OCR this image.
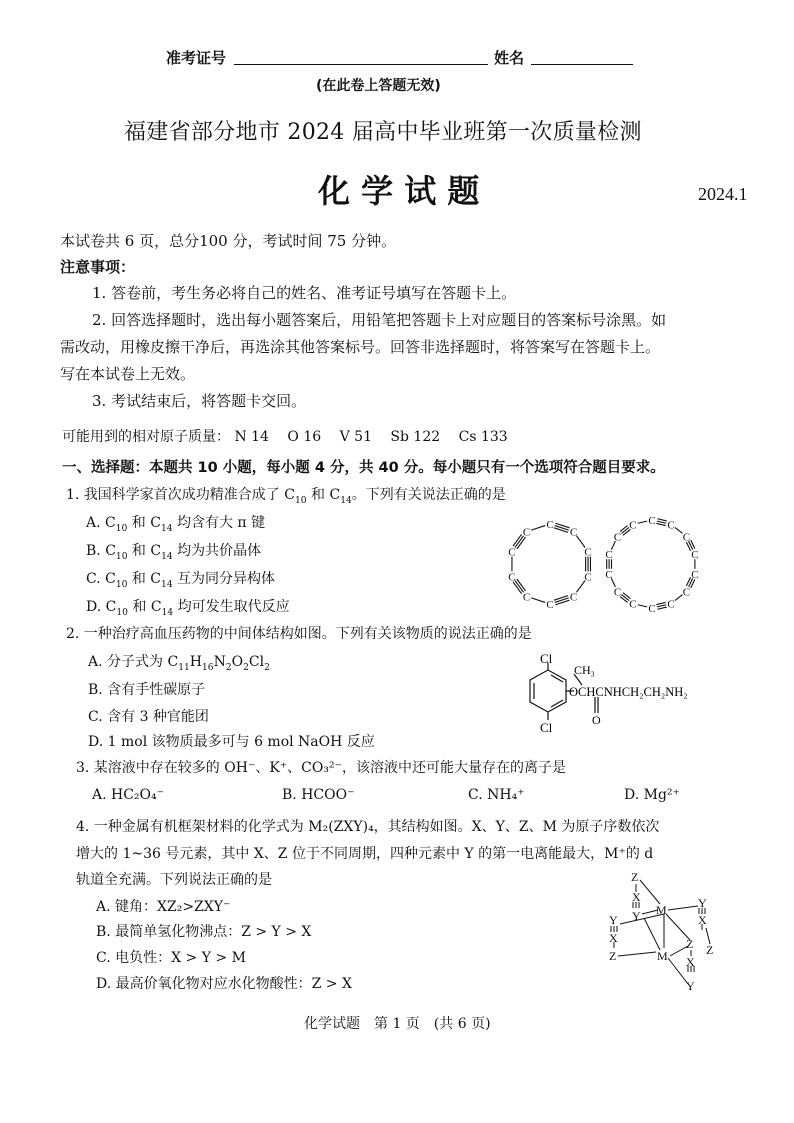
准考证号	姓名
(在此卷上答题无效)
福建省部分地市 2024 届高中毕业班第一次质量检测
化 学 试 题	2024.1
本试卷共 6 页，总分100 分，考试时间 75 分钟。
注意事项：
1. 答卷前，考生务必将自己的姓名、准考证号填写在答题卡上。
2. 回答选择题时，选出每小题答案后，用铅笔把答题卡上对应题目的答案标号涂黑。如
需改动，用橡皮擦干净后，再选涂其他答案标号。回答非选择题时，将答案写在答题卡上。
写在本试卷上无效。
3. 考试结束后，将答题卡交回。
可能用到的相对原子质量： N 14　 O 16　 V 51　 Sb 122　 Cs 133
一、选择题：本题共 10 小题，每小题 4 分，共 40 分。每小题只有一个选项符合题目要求。
1. 我国科学家首次成功精准合成了 $C_{10}$ 和 $C_{14}$。下列有关说法正确的是
A. $C_{10}$ 和 $C_{14}$ 均含有大 π 键
B. $C_{10}$ 和 $C_{14}$ 均为共价晶体
C. $C_{10}$ 和 $C_{14}$ 互为同分异构体
D. $C_{10}$ 和 $C_{14}$ 均可发生取代反应
C
C
C
C
C
C
C
C
C
C
C C
C
C
C
C
C
C
C
C
C
C
C
C
2. 一种治疗高血压药物的中间体结构如图。下列有关该物质的说法正确的是
A. 分子式为 $C_{11}H_{16}N_2O_2Cl_2$
B. 含有手性碳原子
C. 含有 3 种官能团
D. 1 mol 该物质最多可与 6 mol NaOH 反应
Cl
Cl
CH₃
OCHCNHCH₂CH₂NH₂
O
3. 某溶液中存在较多的 OH⁻、K⁺、CO₃²⁻，该溶液中还可能大量存在的离子是
A. HC₂O₄⁻	B. HCOO⁻	C. NH₄⁺	D. Mg²⁺
4. 一种金属有机框架材料的化学式为 M₂(ZXY)₄，其结构如图。X、Y、Z、M 为原子序数依次
增大的 1~36 号元素，其中 X、Z 位于不同周期，四种元素中 Y 的第一电离能最大，M⁺的 d
轨道全充满。下列说法正确的是
A. 键角：XZ₂>ZXY⁻
B. 最简单氢化物沸点：Z > Y > X
C. 电负性：X > Y > M
D. 最高价氧化物对应水化物酸性：Z > X
Z
X
Y M	Y
X
Z
Y
X
Z	M
Z
X
Y
化学试题　第 1 页　(共 6 页)
